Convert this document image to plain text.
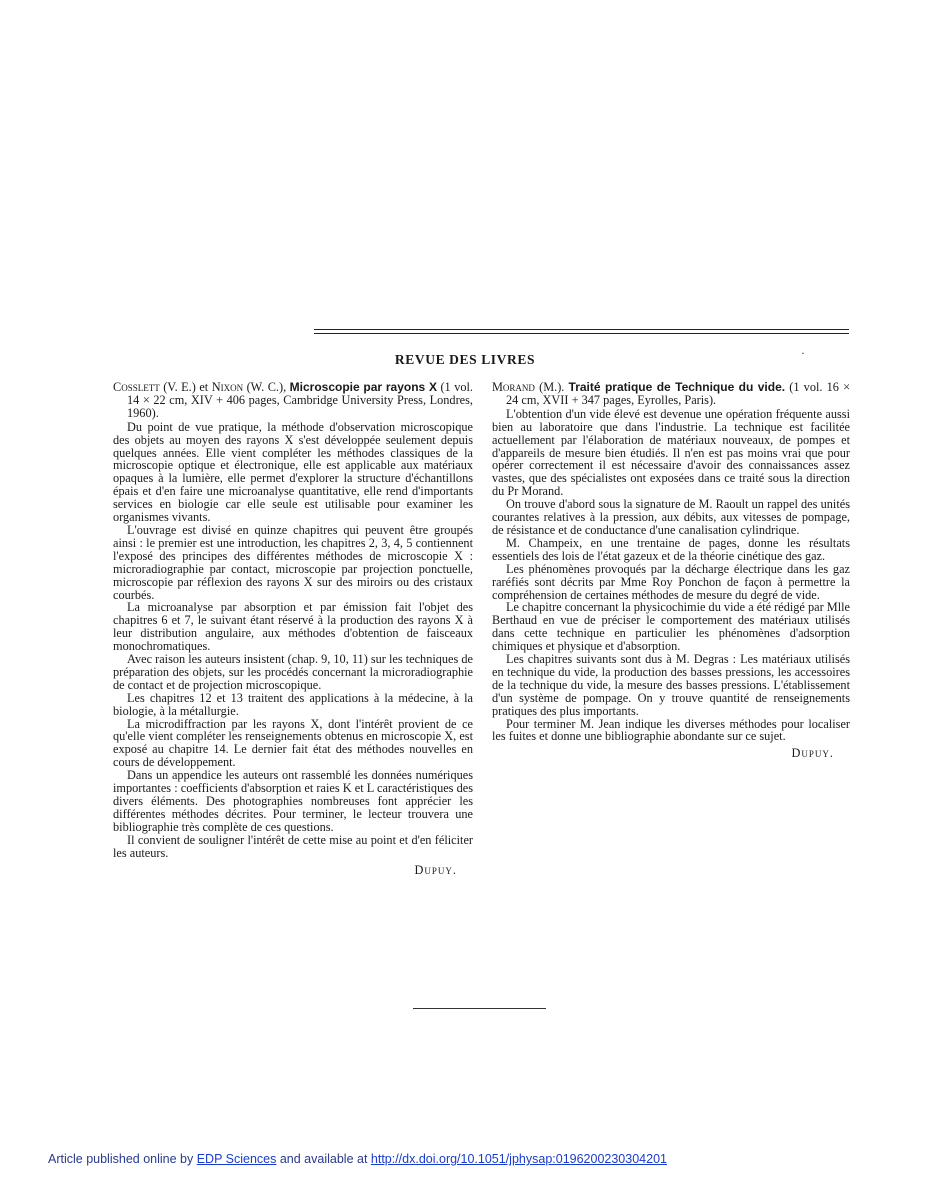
REVUE DES LIVRES	·

Cosslett (V. E.) et Nixon (W. C.), Microscopie par rayons X (1 vol. 14 × 22 cm, XIV + 406 pages, Cambridge University Press, Londres, 1960).

Du point de vue pratique, la méthode d'observation microscopique des objets au moyen des rayons X s'est développée seulement depuis quelques années. Elle vient compléter les méthodes classiques de la microscopie optique et électronique, elle est applicable aux matériaux opaques à la lumière, elle permet d'explorer la structure d'échantillons épais et d'en faire une microanalyse quantitative, elle rend d'importants services en biologie car elle seule est utilisable pour examiner les organismes vivants.

L'ouvrage est divisé en quinze chapitres qui peuvent être groupés ainsi : le premier est une introduction, les chapitres 2, 3, 4, 5 contiennent l'exposé des principes des différentes méthodes de microscopie X : microradiographie par contact, microscopie par projection ponctuelle, microscopie par réflexion des rayons X sur des miroirs ou des cristaux courbés.

La microanalyse par absorption et par émission fait l'objet des chapitres 6 et 7, le suivant étant réservé à la production des rayons X à leur distribution angulaire, aux méthodes d'obtention de faisceaux monochromatiques.

Avec raison les auteurs insistent (chap. 9, 10, 11) sur les techniques de préparation des objets, sur les procédés concernant la microradiographie de contact et de projection microscopique.

Les chapitres 12 et 13 traitent des applications à la médecine, à la biologie, à la métallurgie.

La microdiffraction par les rayons X, dont l'intérêt provient de ce qu'elle vient compléter les renseignements obtenus en microscopie X, est exposé au chapitre 14. Le dernier fait état des méthodes nouvelles en cours de développement.

Dans un appendice les auteurs ont rassemblé les données numériques importantes : coefficients d'absorption et raies K et L caractéristiques des divers éléments. Des photographies nombreuses font apprécier les différentes méthodes décrites. Pour terminer, le lecteur trouvera une bibliographie très complète de ces questions.

Il convient de souligner l'intérêt de cette mise au point et d'en féliciter les auteurs.

Dupuy.

Morand (M.). Traité pratique de Technique du vide. (1 vol. 16 × 24 cm, XVII + 347 pages, Eyrolles, Paris).

L'obtention d'un vide élevé est devenue une opération fréquente aussi bien au laboratoire que dans l'industrie. La technique est facilitée actuellement par l'élaboration de matériaux nouveaux, de pompes et d'appareils de mesure bien étudiés. Il n'en est pas moins vrai que pour opérer correctement il est nécessaire d'avoir des connaissances assez vastes, que des spécialistes ont exposées dans ce traité sous la direction du Pr Morand.

On trouve d'abord sous la signature de M. Raoult un rappel des unités courantes relatives à la pression, aux débits, aux vitesses de pompage, de résistance et de conductance d'une canalisation cylindrique.

M. Champeix, en une trentaine de pages, donne les résultats essentiels des lois de l'état gazeux et de la théorie cinétique des gaz.

Les phénomènes provoqués par la décharge électrique dans les gaz raréfiés sont décrits par Mme Roy Ponchon de façon à permettre la compréhension de certaines méthodes de mesure du degré de vide.

Le chapitre concernant la physicochimie du vide a été rédigé par Mlle Berthaud en vue de préciser le comportement des matériaux utilisés dans cette technique en particulier les phénomènes d'adsorption chimiques et physique et d'absorption.

Les chapitres suivants sont dus à M. Degras : Les matériaux utilisés en technique du vide, la production des basses pressions, les accessoires de la technique du vide, la mesure des basses pressions. L'établissement d'un système de pompage. On y trouve quantité de renseignements pratiques des plus importants.

Pour terminer M. Jean indique les diverses méthodes pour localiser les fuites et donne une bibliographie abondante sur ce sujet.

Dupuy.
Article published online by EDP Sciences and available at http://dx.doi.org/10.1051/jphysap:0196200230304201
